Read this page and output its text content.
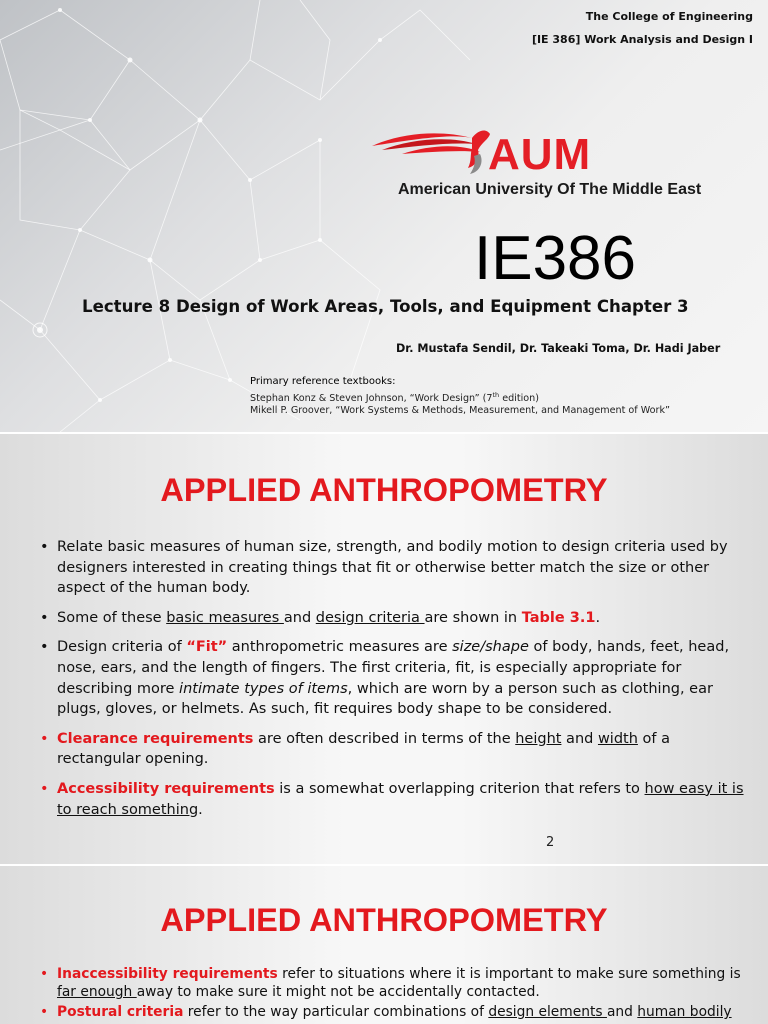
The College of Engineering
[IE 386] Work Analysis and Design I
AUM
American University Of The Middle East
IE386
Lecture 8 Design of Work Areas, Tools, and Equipment Chapter 3
Dr. Mustafa Sendil, Dr. Takeaki Toma, Dr. Hadi Jaber
Primary reference textbooks:
Stephan Konz & Steven Johnson, “Work Design” (7th edition)
Mikell P. Groover, “Work Systems & Methods, Measurement, and Management of Work”
APPLIED ANTHROPOMETRY
• Relate basic measures of human size, strength, and bodily motion to design criteria used by designers interested in creating things that fit or otherwise better match the size or other aspect of the human body.
• Some of these basic measures and design criteria are shown in Table 3.1.
• Design criteria of “Fit” anthropometric measures are size/shape of body, hands, feet, head, nose, ears, and the length of fingers. The first criteria, fit, is especially appropriate for describing more intimate types of items, which are worn by a person such as clothing, ear plugs, gloves, or helmets. As such, fit requires body shape to be considered.
• Clearance requirements are often described in terms of the height and width of a rectangular opening.
• Accessibility requirements is a somewhat overlapping criterion that refers to how easy it is to reach something.
2
APPLIED ANTHROPOMETRY
• Inaccessibility requirements refer to situations where it is important to make sure something is far enough away to make sure it might not be accidentally contacted.
• Postural criteria refer to the way particular combinations of design elements and human bodily
